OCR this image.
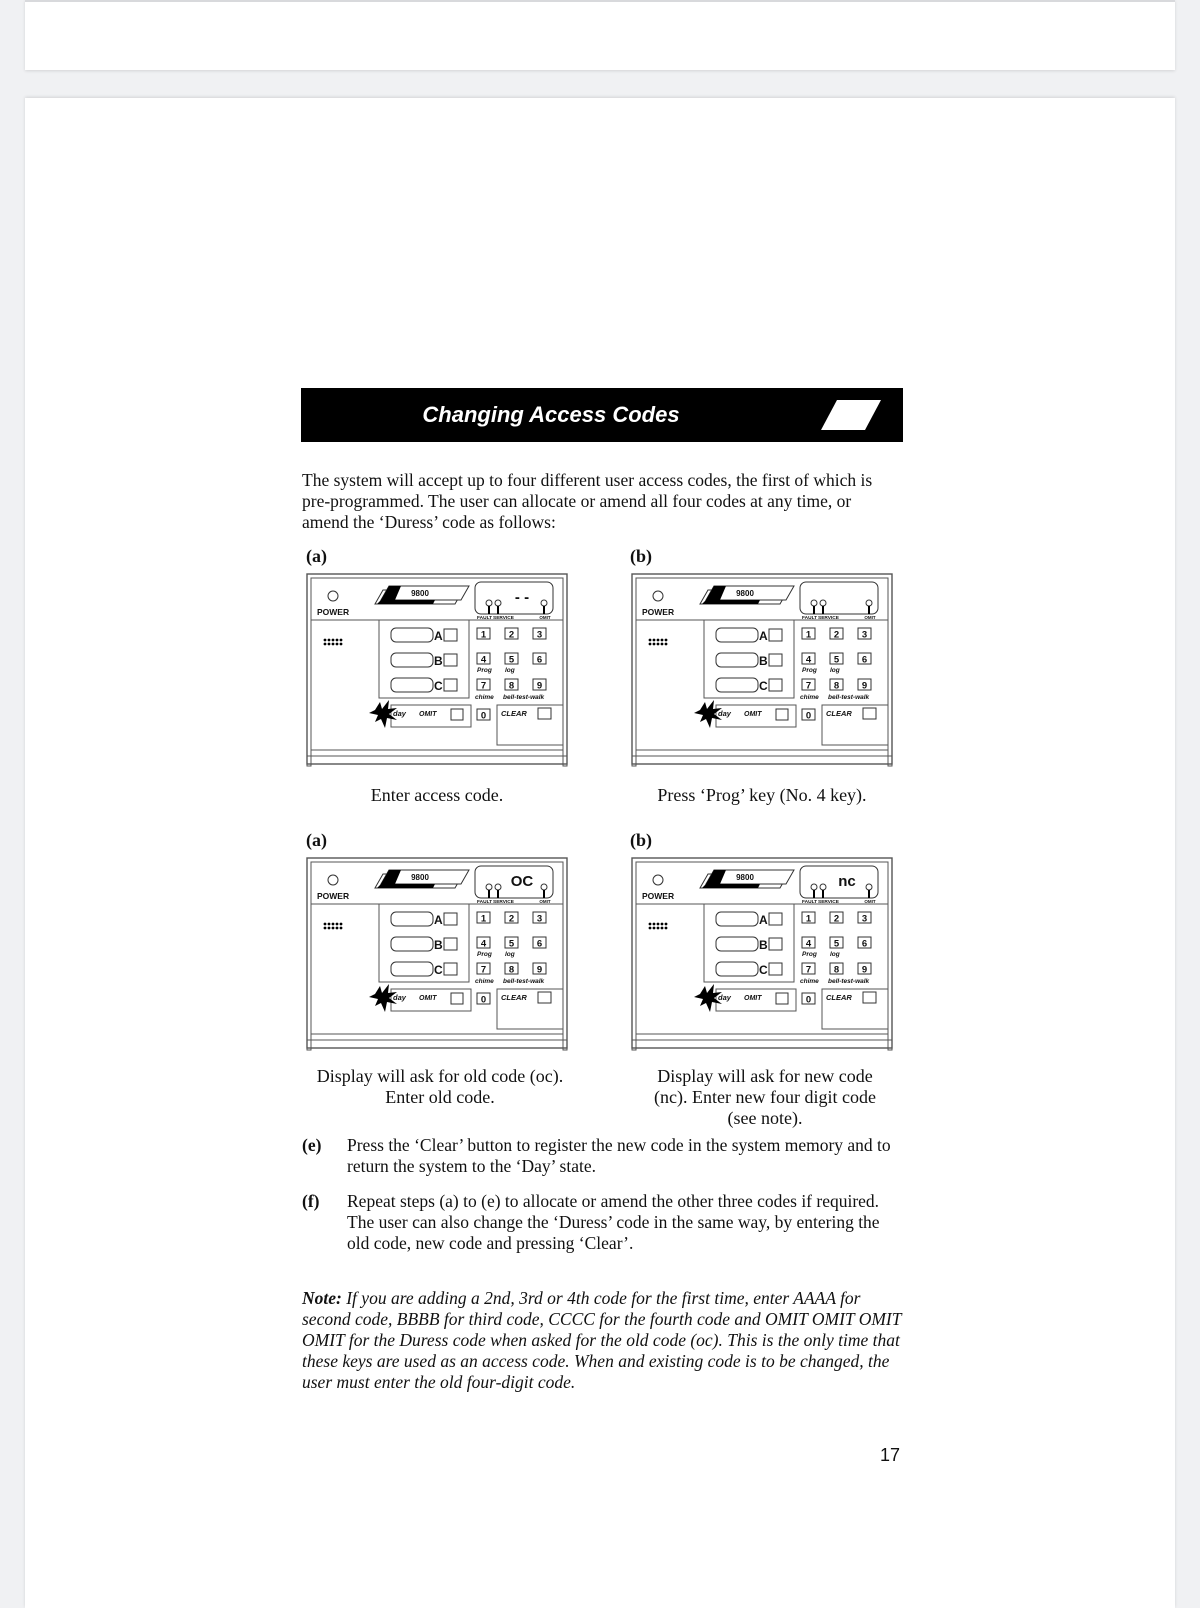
Changing Access Codes
The system will accept up to four different user access codes, the first of which is pre-programmed. The user can allocate or amend all four codes at any time, or amend the ‘Duress’ code as follows:
(a)	(b)
POWER
9800	- -
FAULT SERVICE	OMIT
A
B
C
day OMIT
1 2 3
4 5 6
7 8 9
0
Prog log
chime bell-test-walk
CLEAR
POWER
9800
FAULT SERVICE	OMIT
A
B
C
day OMIT
1 2 3
4 5 6
7 8 9
0
Prog log
chime bell-test-walk
CLEAR
Enter access code.	Press ‘Prog’ key (No. 4 key).
(a)	(b)
POWER
9800	OC
FAULT SERVICE	OMIT
A
B
C
day OMIT
1 2 3
4 5 6
7 8 9
0
Prog log
chime bell-test-walk
CLEAR
POWER
9800	nc
FAULT SERVICE	OMIT
A
B
C
day OMIT
1 2 3
4 5 6
7 8 9
0
Prog log
chime bell-test-walk
CLEAR
Display will ask for old code (oc).
Enter old code.
Display will ask for new code
(nc). Enter new four digit code
(see note).
(e)	Press the ‘Clear’ button to register the new code in the system memory and to return the system to the ‘Day’ state.
(f)	Repeat steps (a) to (e) to allocate or amend the other three codes if required. The user can also change the ‘Duress’ code in the same way, by entering the old code, new code and pressing ‘Clear’.
Note: If you are adding a 2nd, 3rd or 4th code for the first time, enter AAAA for second code, BBBB for third code, CCCC for the fourth code and OMIT OMIT OMIT OMIT for the Duress code when asked for the old code (oc). This is the only time that these keys are used as an access code. When and existing code is to be changed, the user must enter the old four-digit code.
17
